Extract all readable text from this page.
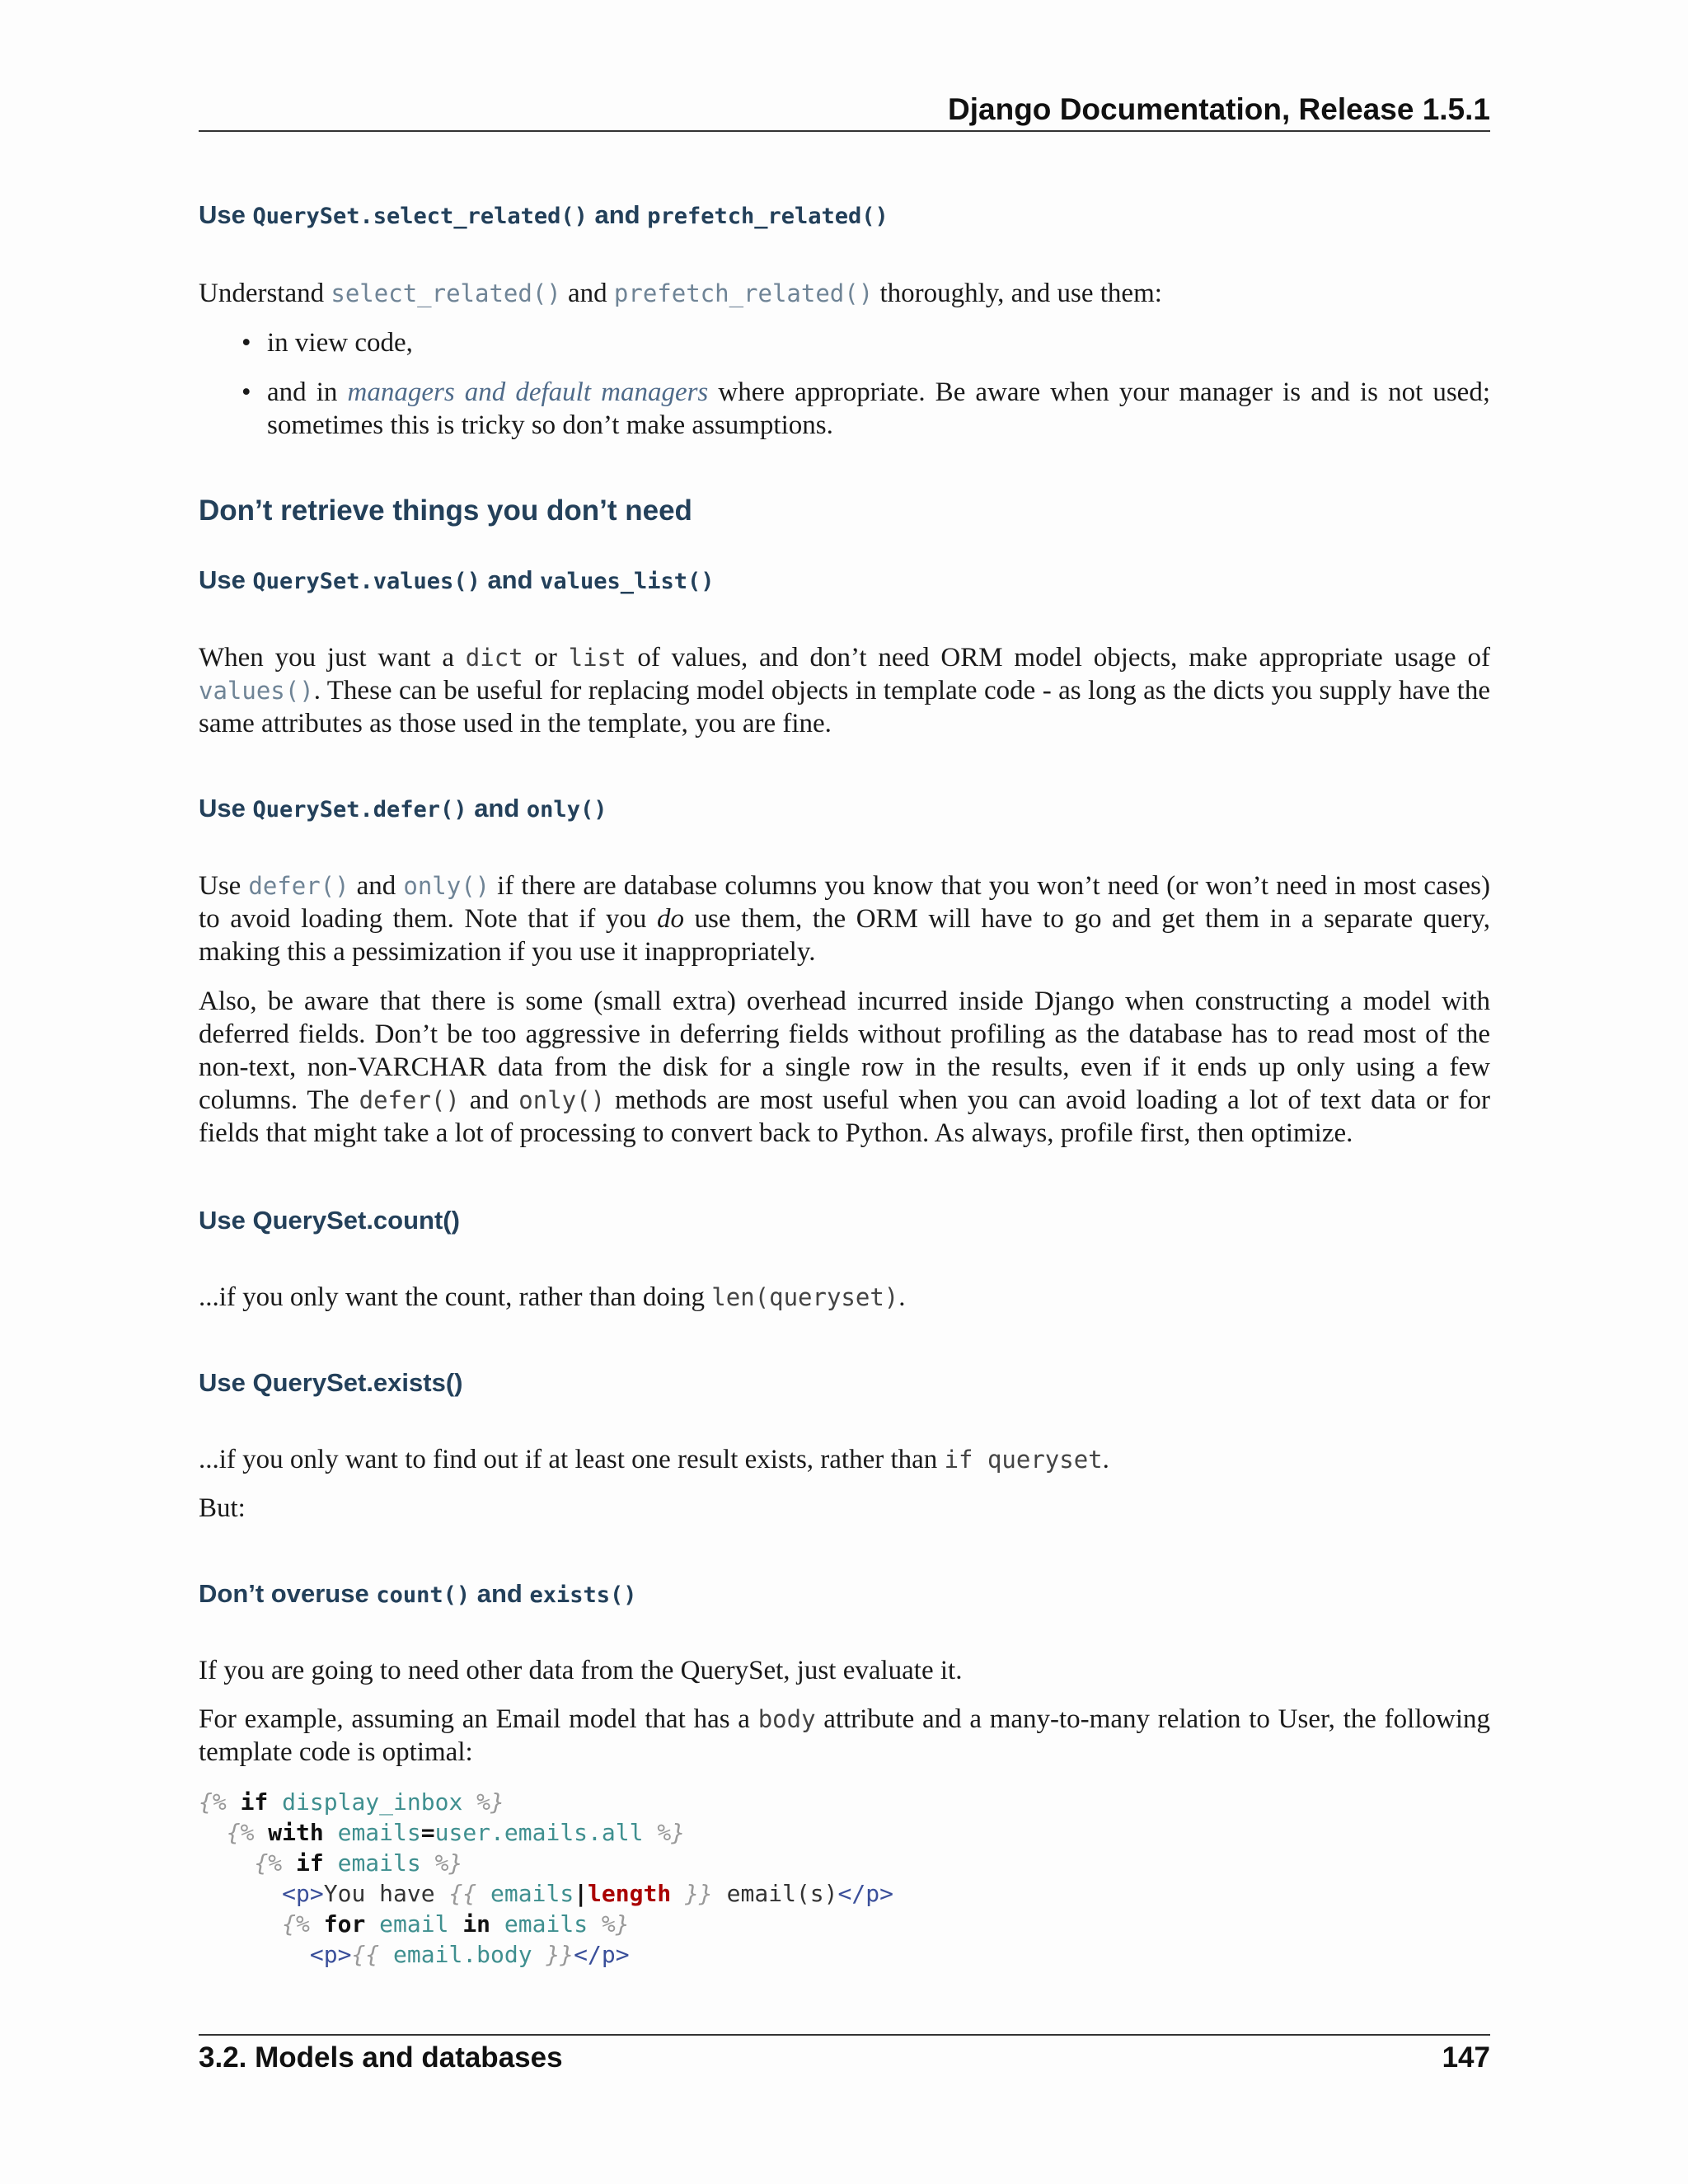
Django Documentation, Release 1.5.1
Use QuerySet.select_related() and prefetch_related()

Understand select_related() and prefetch_related() thoroughly, and use them:

• in view code,
• and in managers and default managers where appropriate. Be aware when your manager is and is not used; sometimes this is tricky so don’t make assumptions.
Don’t retrieve things you don’t need
Use QuerySet.values() and values_list()

When you just want a dict or list of values, and don’t need ORM model objects, make appropriate usage of values(). These can be useful for replacing model objects in template code - as long as the dicts you supply have the same attributes as those used in the template, you are fine.

Use QuerySet.defer() and only()

Use defer() and only() if there are database columns you know that you won’t need (or won’t need in most cases) to avoid loading them. Note that if you do use them, the ORM will have to go and get them in a separate query, making this a pessimization if you use it inappropriately.

Also, be aware that there is some (small extra) overhead incurred inside Django when constructing a model with deferred fields. Don’t be too aggressive in deferring fields without profiling as the database has to read most of the non-text, non-VARCHAR data from the disk for a single row in the results, even if it ends up only using a few columns. The defer() and only() methods are most useful when you can avoid loading a lot of text data or for fields that might take a lot of processing to convert back to Python. As always, profile first, then optimize.

Use QuerySet.count()

...if you only want the count, rather than doing len(queryset).

Use QuerySet.exists()

...if you only want to find out if at least one result exists, rather than if queryset.

But:

Don’t overuse count() and exists()

If you are going to need other data from the QuerySet, just evaluate it.

For example, assuming an Email model that has a body attribute and a many-to-many relation to User, the following template code is optimal:

{% if display_inbox %}
{% with emails=user.emails.all %}
{% if emails %}
<p>You have {{ emails|length }} email(s)</p>
{% for email in emails %}
<p>{{ email.body }}</p>
3.2. Models and databases	147
